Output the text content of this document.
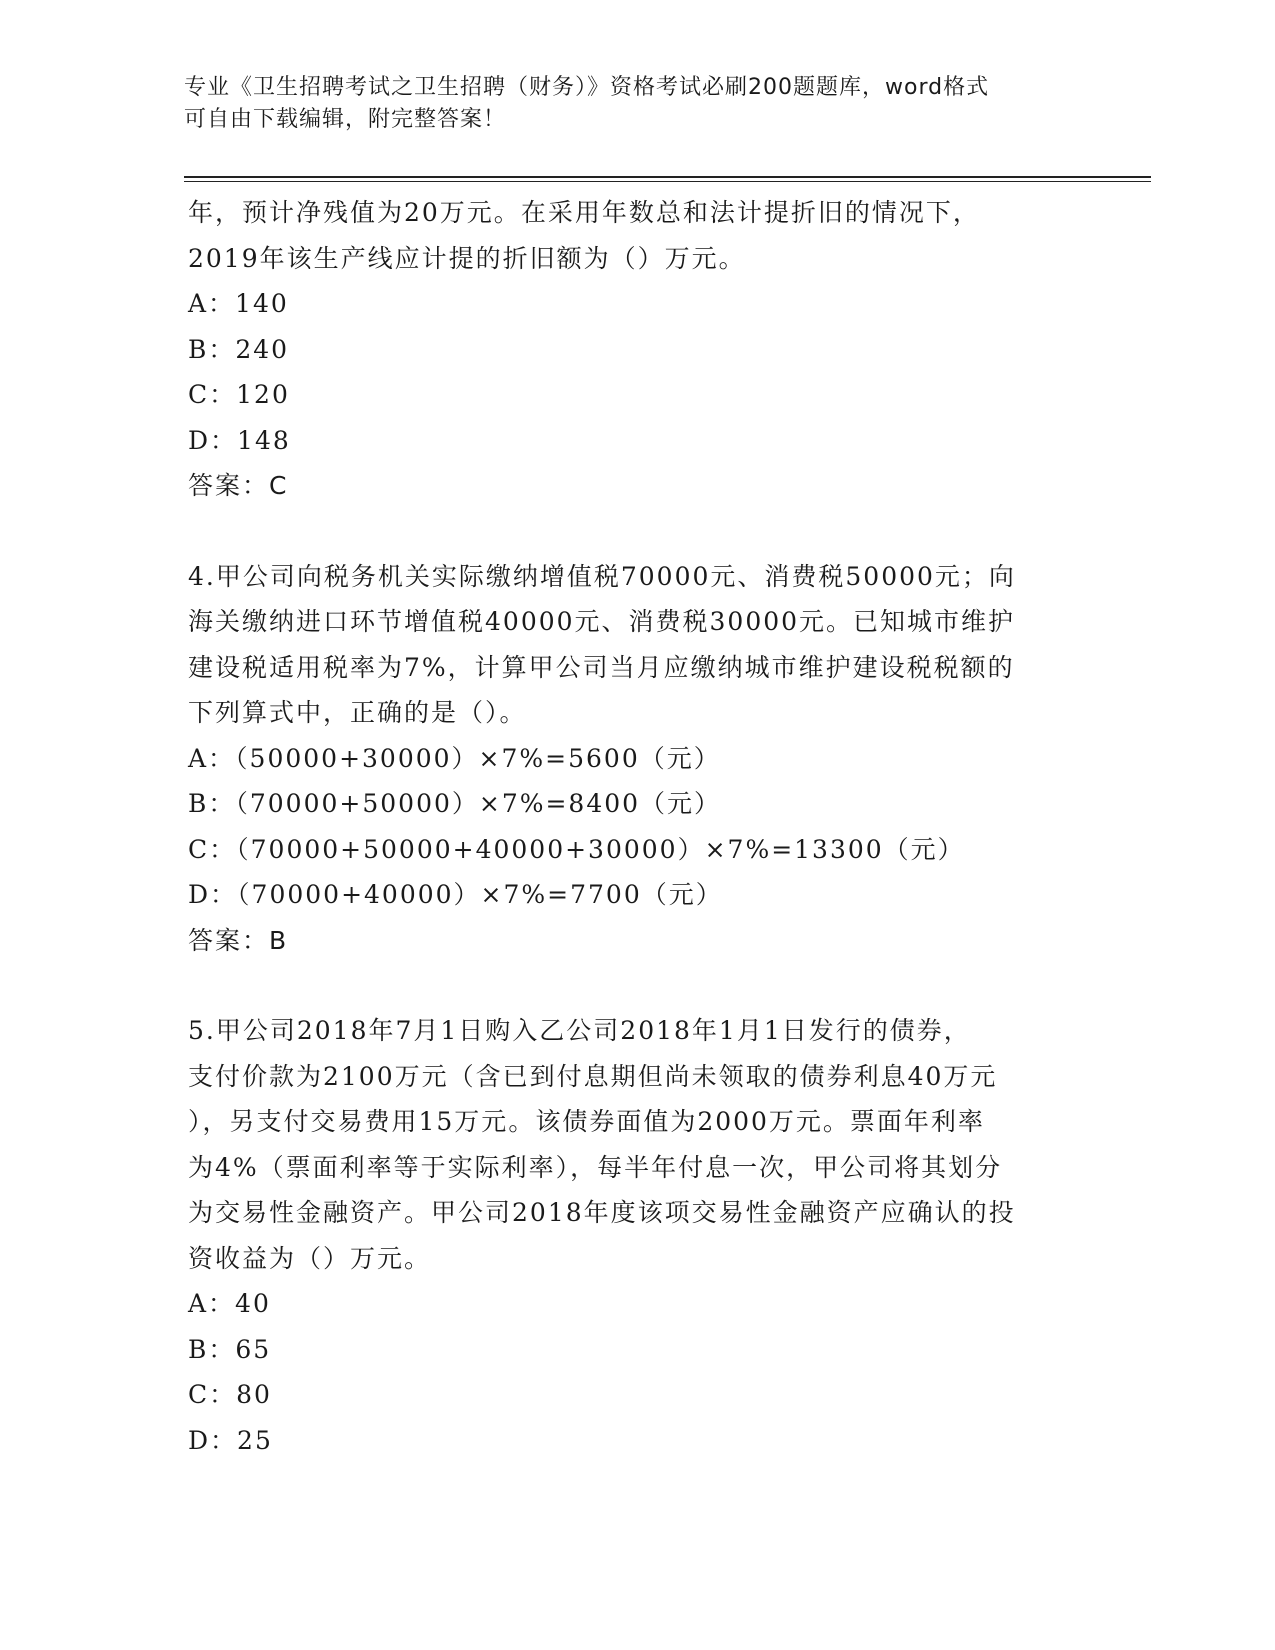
专业《卫生招聘考试之卫生招聘（财务）》资格考试必刷200题题库，word格式
可自由下载编辑，附完整答案！
年，预计净残值为20万元。在采用年数总和法计提折旧的情况下，
2019年该生产线应计提的折旧额为（）万元。
A：140
B：240
C：120
D：148
答案：C
4.甲公司向税务机关实际缴纳增值税70000元、消费税50000元；向
海关缴纳进口环节增值税40000元、消费税30000元。已知城市维护
建设税适用税率为7%，计算甲公司当月应缴纳城市维护建设税税额的
下列算式中，正确的是（）。
A：（50000+30000）×7%=5600（元）
B：（70000+50000）×7%=8400（元）
C：（70000+50000+40000+30000）×7%=13300（元）
D：（70000+40000）×7%=7700（元）
答案：B
5.甲公司2018年7月1日购入乙公司2018年1月1日发行的债券，
支付价款为2100万元（含已到付息期但尚未领取的债券利息40万元
），另支付交易费用15万元。该债券面值为2000万元。票面年利率
为4%（票面利率等于实际利率），每半年付息一次，甲公司将其划分
为交易性金融资产。甲公司2018年度该项交易性金融资产应确认的投
资收益为（）万元。
A：40
B：65
C：80
D：25
